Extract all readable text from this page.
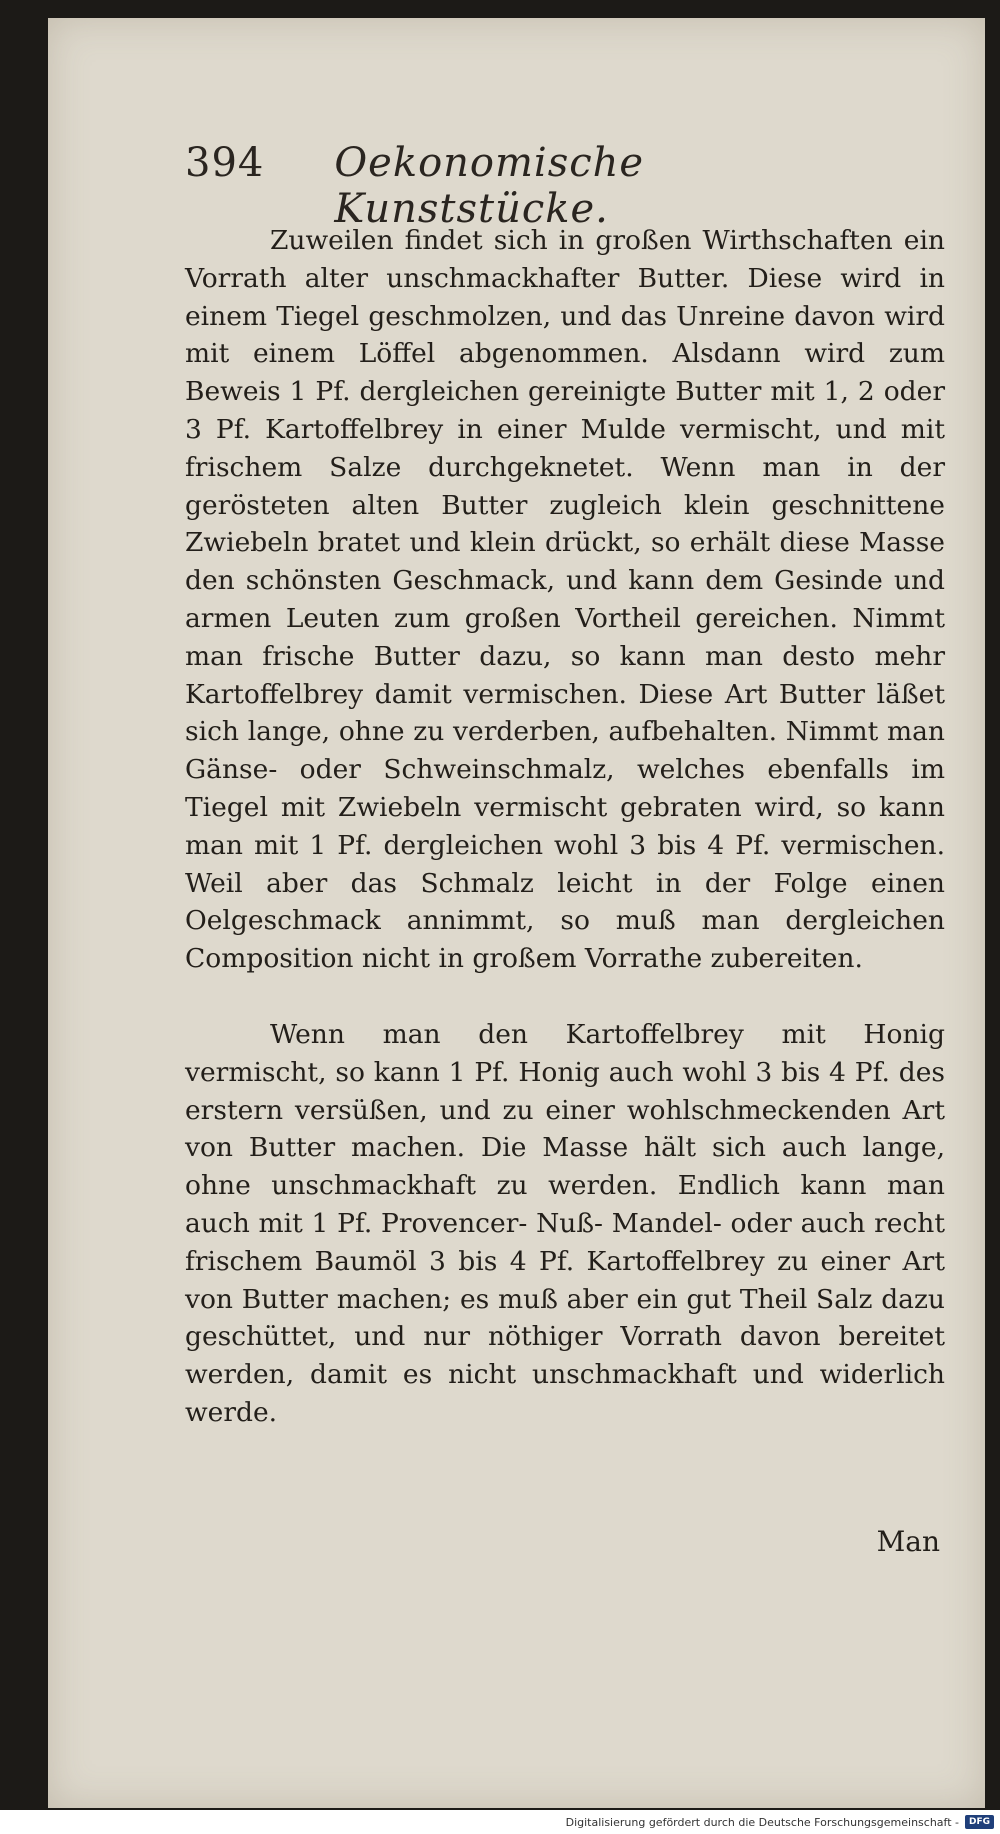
394 Oekonomische Kunststücke.

Zuweilen findet sich in großen Wirthschaften ein Vorrath alter unschmackhafter Butter. Diese wird in einem Tiegel geschmolzen, und das Unreine davon wird mit einem Löffel abgenommen. Alsdann wird zum Beweis 1 Pf. dergleichen gereinigte Butter mit 1, 2 oder 3 Pf. Kartoffelbrey in einer Mulde vermischt, und mit frischem Salze durchgeknetet. Wenn man in der gerösteten alten Butter zugleich klein geschnittene Zwiebeln bratet und klein drückt, so erhält diese Masse den schönsten Geschmack, und kann dem Gesinde und armen Leuten zum großen Vortheil gereichen. Nimmt man frische Butter dazu, so kann man desto mehr Kartoffelbrey damit vermischen. Diese Art Butter läßet sich lange, ohne zu verderben, aufbehalten. Nimmt man Gänse- oder Schweinschmalz, welches ebenfalls im Tiegel mit Zwiebeln vermischt gebraten wird, so kann man mit 1 Pf. dergleichen wohl 3 bis 4 Pf. vermischen. Weil aber das Schmalz leicht in der Folge einen Oelgeschmack annimmt, so muß man dergleichen Composition nicht in großem Vorrathe zubereiten.

Wenn man den Kartoffelbrey mit Honig vermischt, so kann 1 Pf. Honig auch wohl 3 bis 4 Pf. des erstern versüßen, und zu einer wohlschmeckenden Art von Butter machen. Die Masse hält sich auch lange, ohne unschmackhaft zu werden. Endlich kann man auch mit 1 Pf. Provencer- Nuß- Mandel- oder auch recht frischem Baumöl 3 bis 4 Pf. Kartoffelbrey zu einer Art von Butter machen; es muß aber ein gut Theil Salz dazu geschüttet, und nur nöthiger Vorrath davon bereitet werden, damit es nicht unschmackhaft und widerlich werde.

Man
Digitalisierung gefördert durch die Deutsche Forschungsgemeinschaft -	DFG
